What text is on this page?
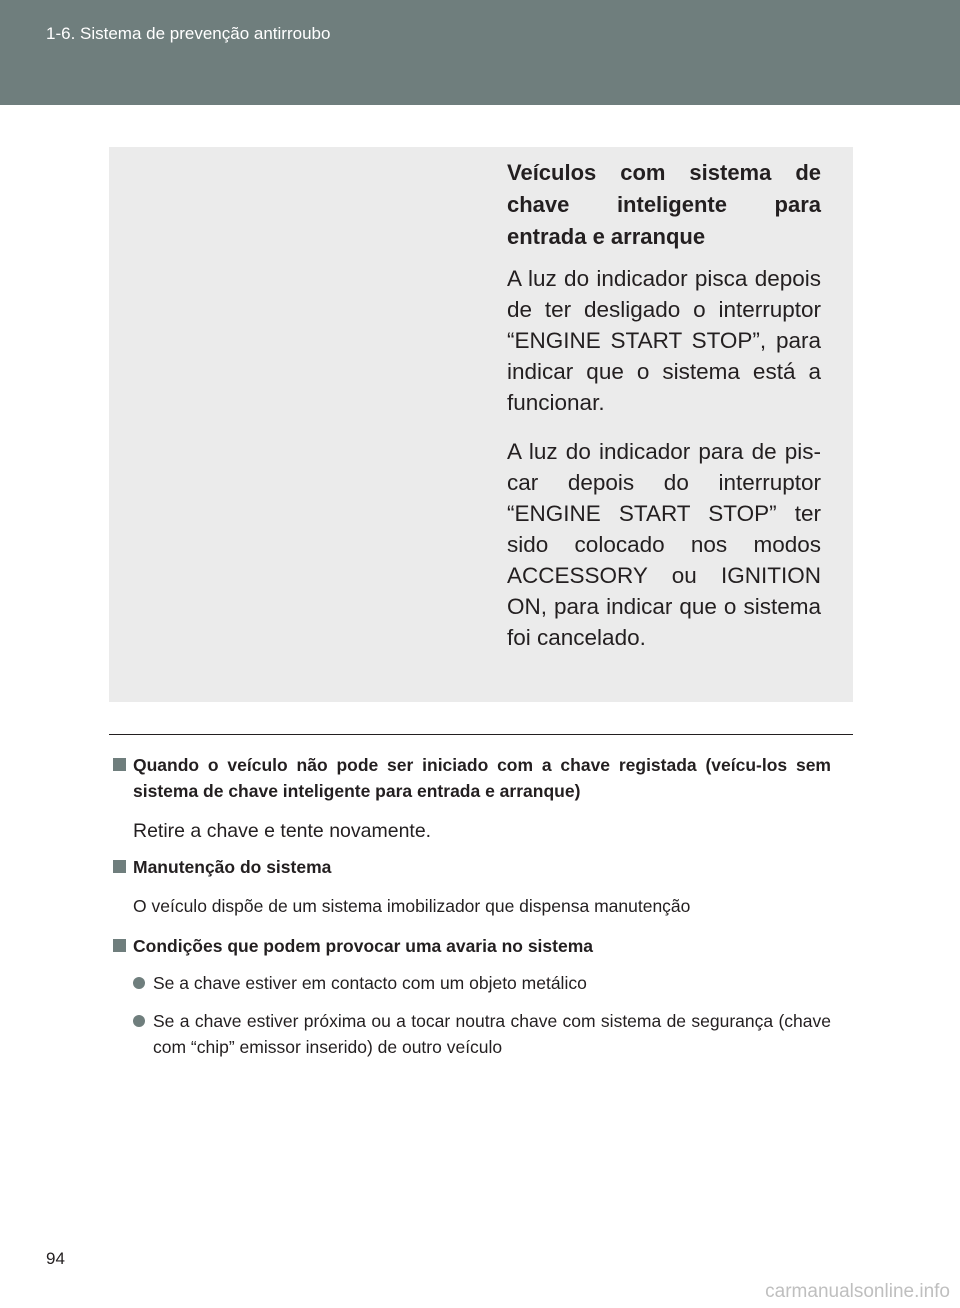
1-6. Sistema de prevenção antirroubo

Veículos com sistema de chave inteligente para entrada e arranque

A luz do indicador pisca depois de ter desligado o interruptor “ENGINE START STOP”, para indicar que o sistema está a funcionar.

A luz do indicador para de pis-car depois do interruptor “ENGINE START STOP” ter sido colocado nos modos ACCESSORY ou IGNITION ON, para indicar que o sistema foi cancelado.

Quando o veículo não pode ser iniciado com a chave registada (veícu-los sem sistema de chave inteligente para entrada e arranque)

Retire a chave e tente novamente.

Manutenção do sistema

O veículo dispõe de um sistema imobilizador que dispensa manutenção

Condições que podem provocar uma avaria no sistema

Se a chave estiver em contacto com um objeto metálico

Se a chave estiver próxima ou a tocar noutra chave com sistema de segurança (chave com “chip” emissor inserido) de outro veículo

94
carmanualsonline.info
